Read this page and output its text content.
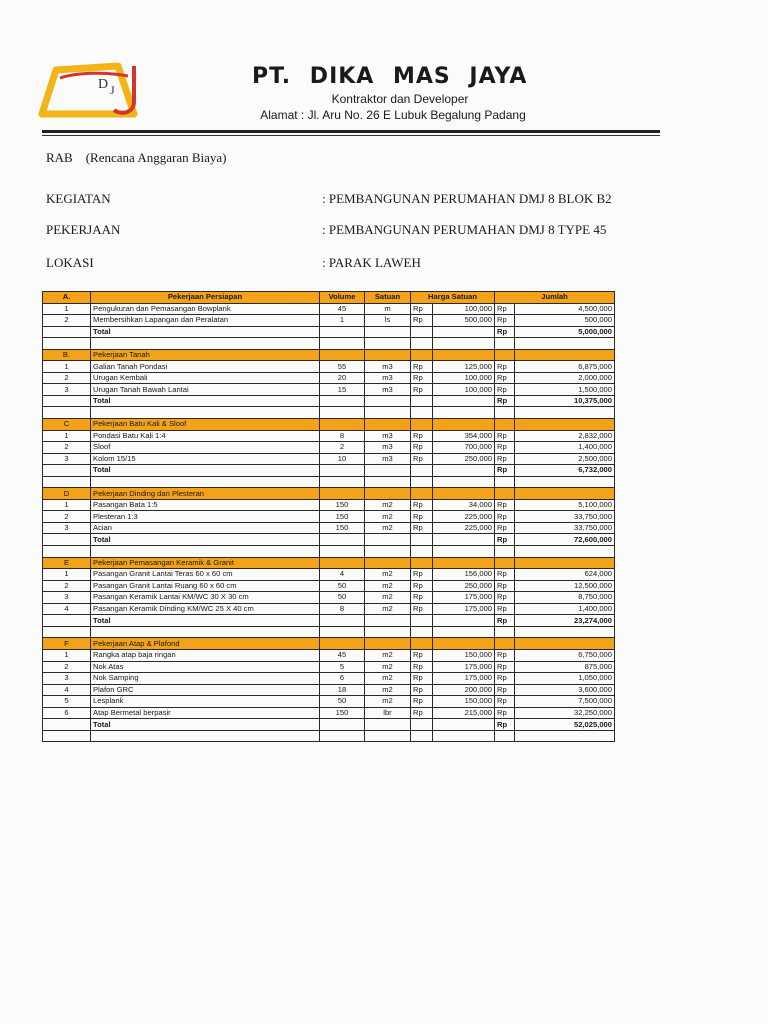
D J
PT. DIKA MAS JAYA
Kontraktor dan Developer
Alamat : Jl. Aru No. 26 E Lubuk Begalung Padang
RAB    (Rencana Anggaran Biaya)
KEGIATAN	: PEMBANGUNAN PERUMAHAN DMJ 8 BLOK B2
PEKERJAAN	: PEMBANGUNAN PERUMAHAN DMJ 8 TYPE 45
LOKASI	: PARAK LAWEH
A.	Pekerjaan Persiapan	Volume	Satuan	Harga Satuan		Jumlah	
1	Pengukuran dan Pemasangan Bowplank	45	m	Rp	100,000	Rp	4,500,000
2	Membersihkan Lapangan dan Peralatan	1	ls	Rp	500,000	Rp	500,000
	Total					Rp	5,000,000

B.	Pekerjaan Tanah						
1	Galian Tanah Pondasi	55	m3	Rp	125,000	Rp	6,875,000
2	Urugan Kembali	20	m3	Rp	100,000	Rp	2,000,000
3	Urugan Tanah Bawah Lantai	15	m3	Rp	100,000	Rp	1,500,000
	Total					Rp	10,375,000

C	Pekerjaan Batu Kali & Sloof						
1	Pondasi Batu Kali 1:4	8	m3	Rp	354,000	Rp	2,832,000
2	Sloof	2	m3	Rp	700,000	Rp	1,400,000
3	Kolom 15/15	10	m3	Rp	250,000	Rp	2,500,000
	Total					Rp	6,732,000

D	Pekerjaan Dinding dan Plesteran						
1	Pasangan Bata 1:5	150	m2	Rp	34,000	Rp	5,100,000
2	Plesteran 1:3	150	m2	Rp	225,000	Rp	33,750,000
3	Acian	150	m2	Rp	225,000	Rp	33,750,000
	Total					Rp	72,600,000

E	Pekerjaan Pemasangan Keramik & Granit						
1	Pasangan Granit Lantai Teras 60 x 60 cm	4	m2	Rp	156,000	Rp	624,000
2	Pasangan Granit Lantai Ruang 60 x 60 cm	50	m2	Rp	250,000	Rp	12,500,000
3	Pasangan Keramik Lantai KM/WC 30 X 30 cm	50	m2	Rp	175,000	Rp	8,750,000
4	Pasangan Keramik Dinding KM/WC 25 X 40 cm	8	m2	Rp	175,000	Rp	1,400,000
	Total					Rp	23,274,000

F	Pekerjaan Atap & Plafond						
1	Rangka atap baja ringan	45	m2	Rp	150,000	Rp	6,750,000
2	Nok Atas	5	m2	Rp	175,000	Rp	875,000
3	Nok Samping	6	m2	Rp	175,000	Rp	1,050,000
4	Plafon GRC	18	m2	Rp	200,000	Rp	3,600,000
5	Lesplank	50	m2	Rp	150,000	Rp	7,500,000
6	Atap Bermetal berpasir	150	lbr	Rp	215,000	Rp	32,250,000
	Total					Rp	52,025,000
